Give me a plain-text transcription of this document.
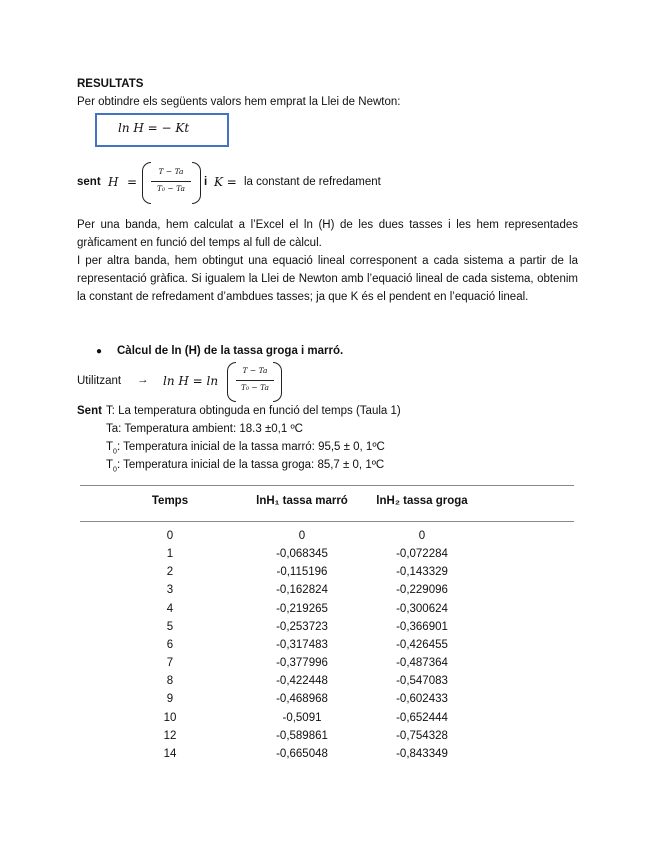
RESULTATS
Per obtindre els següents valors hem emprat la Llei de Newton:
ln H = − Kt
sent H =
T − Ta
T₀ − Ta
i K = la constant de refredament
Per una banda, hem calculat a l’Excel el ln (H) de les dues tasses i les hem representades gràficament en funció del temps al full de càlcul.
I per altra banda, hem obtingut una equació lineal corresponent a cada sistema a partir de la representació gràfica. Si igualem la Llei de Newton amb l’equació lineal de cada sistema, obtenim la constant de refredament d’ambdues tasses; ja que K és el pendent en l’equació lineal.
● Càlcul de ln (H) de la tassa groga i marró.
Utilitzant → ln H = ln
T − Ta
T₀ − Ta
Sent T: La temperatura obtinguda en funció del temps (Taula 1)
Ta: Temperatura ambient: 18.3 ±0,1 ºC
$T_0$: Temperatura inicial de la tassa marró: 95,5 ± 0, 1ºC
$T_0$: Temperatura inicial de la tassa groga: 85,7 ± 0, 1ºC
Temps	lnH₁ tassa marró	lnH₂ tassa groga
0	0	0
1	-0,068345	-0,072284
2	-0,115196	-0,143329
3	-0,162824	-0,229096
4	-0,219265	-0,300624
5	-0,253723	-0,366901
6	-0,317483	-0,426455
7	-0,377996	-0,487364
8	-0,422448	-0,547083
9	-0,468968	-0,602433
10	-0,5091	-0,652444
12	-0,589861	-0,754328
14	-0,665048	-0,843349
